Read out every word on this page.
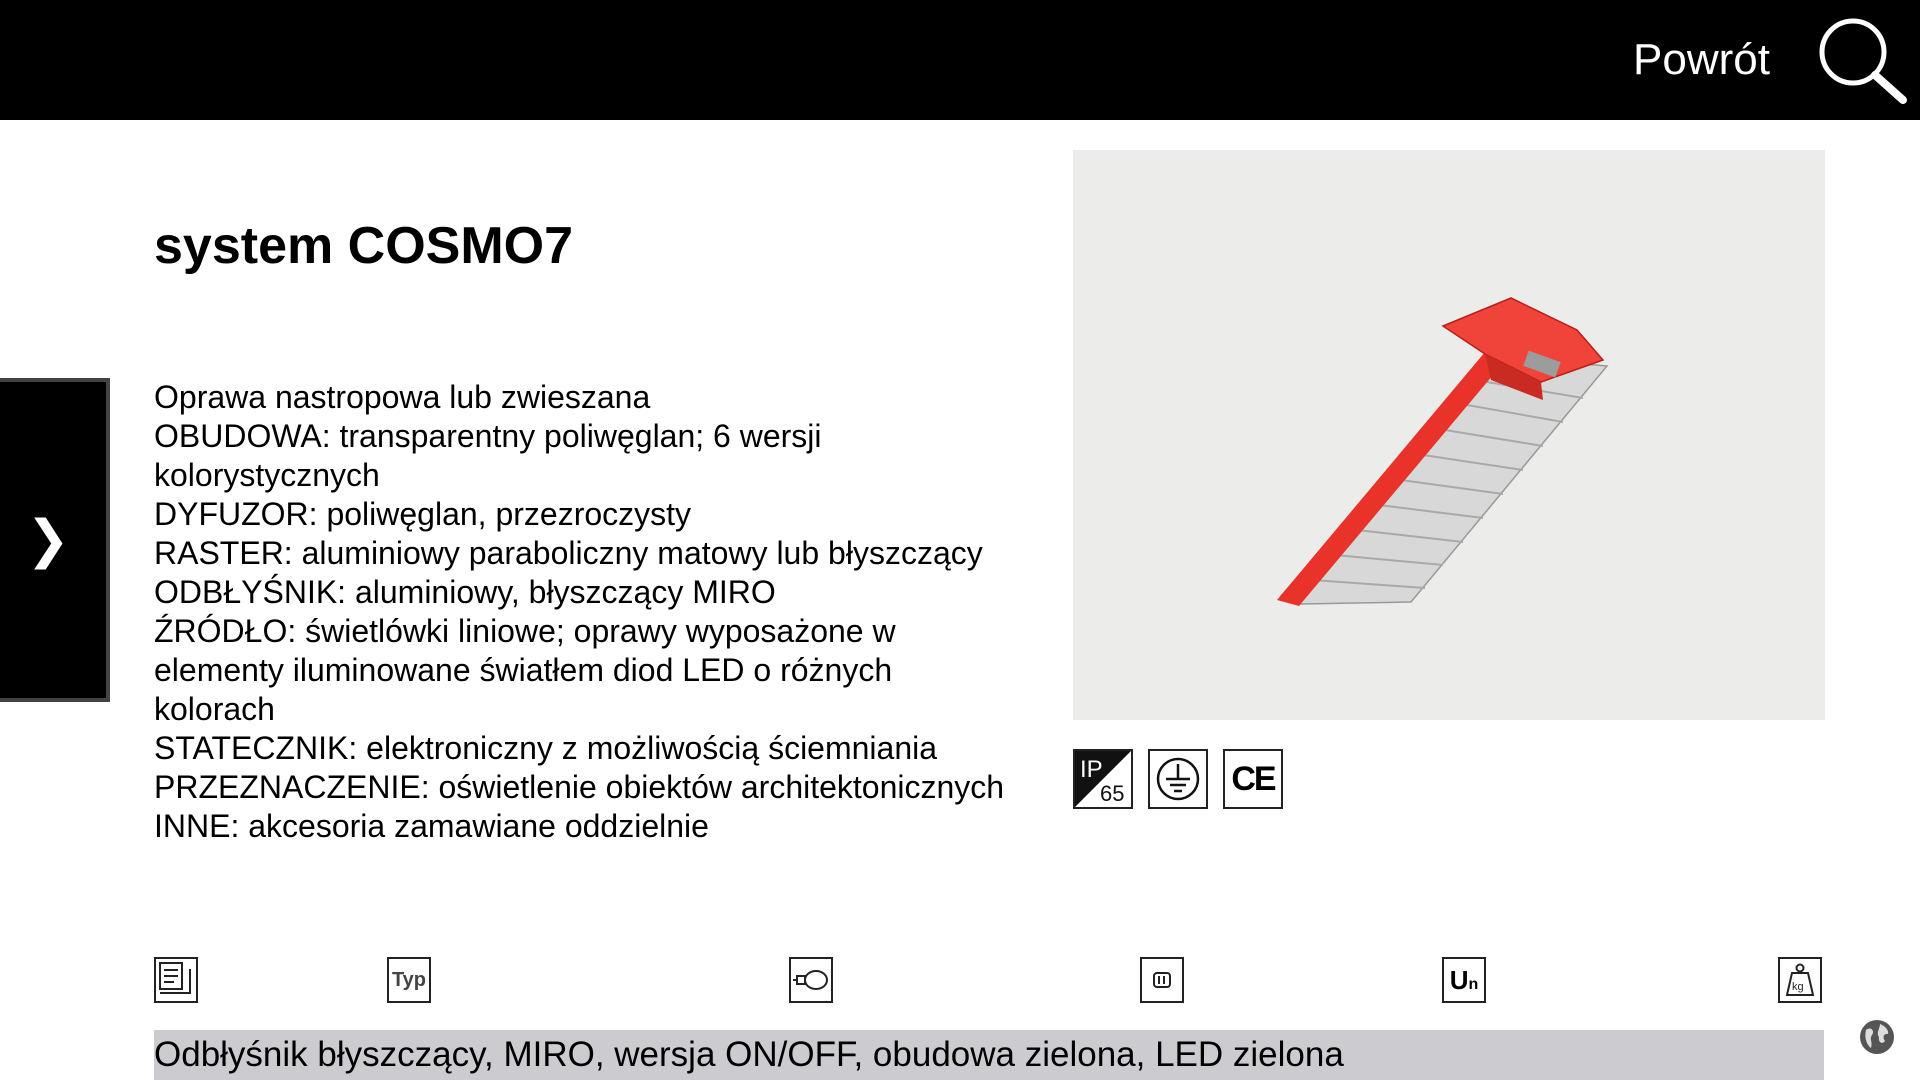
Powrót
❯
system COSMO7
Oprawa nastropowa lub zwieszana
OBUDOWA: transparentny poliwęglan; 6 wersji
kolorystycznych
DYFUZOR: poliwęglan, przezroczysty
RASTER: aluminiowy paraboliczny matowy lub błyszczący
ODBŁYŚNIK: aluminiowy, błyszczący MIRO
ŹRÓDŁO: świetlówki liniowe; oprawy wyposażone w
elementy iluminowane światłem diod LED o różnych
kolorach
STATECZNIK: elektroniczny z możliwością ściemniania
PRZEZNACZENIE: oświetlenie obiektów architektonicznych
INNE: akcesoria zamawiane oddzielnie
IP
65	CE
Typ	Un	kg
Odbłyśnik błyszczący, MIRO, wersja ON/OFF, obudowa zielona, LED zielona
